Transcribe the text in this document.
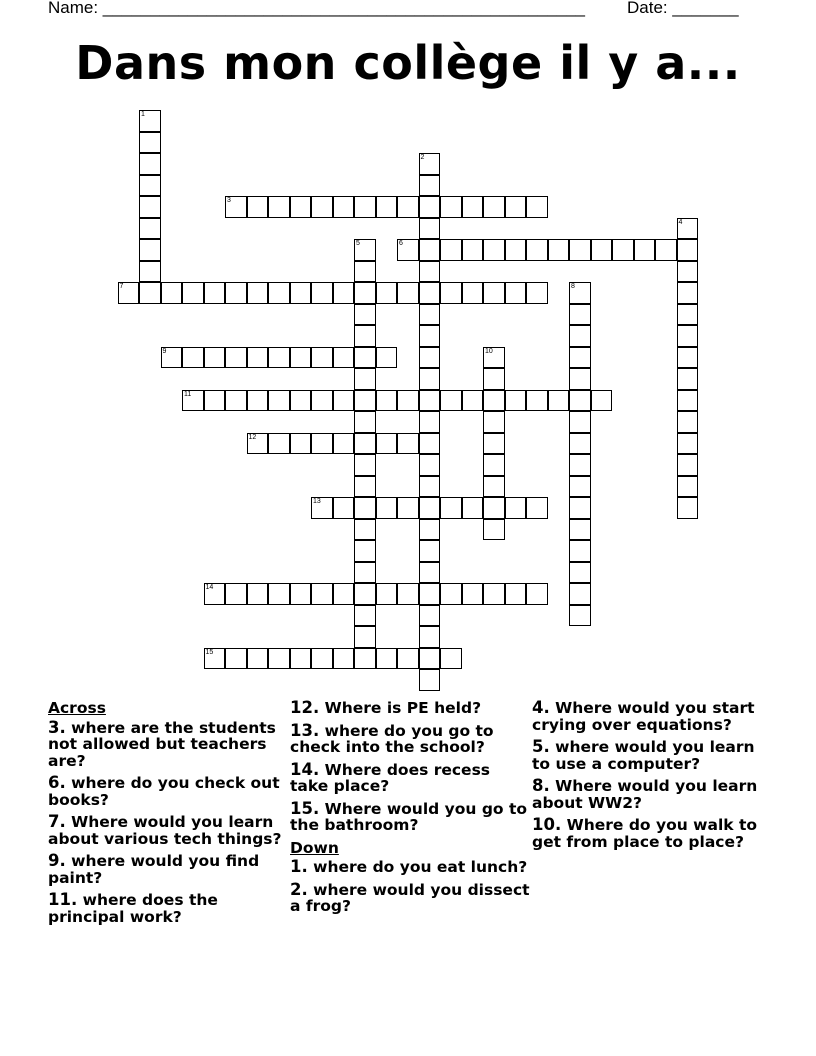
Name: ___________________________________________________ Date: _______
Dans mon collège il y a...
1
2
3
4
5	6
7	8
9	10
11
12
13
14
15
Across
3. where are the students not allowed but teachers are?
6. where do you check out books?
7. Where would you learn about various tech things?
9. where would you find paint?
11. where does the principal work?
12. Where is PE held?
13. where do you go to check into the school?
14. Where does recess take place?
15. Where would you go to the bathroom?
Down
1. where do you eat lunch?
2. where would you dissect a frog?
4. Where would you start crying over equations?
5. where would you learn to use a computer?
8. Where would you learn about WW2?
10. Where do you walk to get from place to place?
